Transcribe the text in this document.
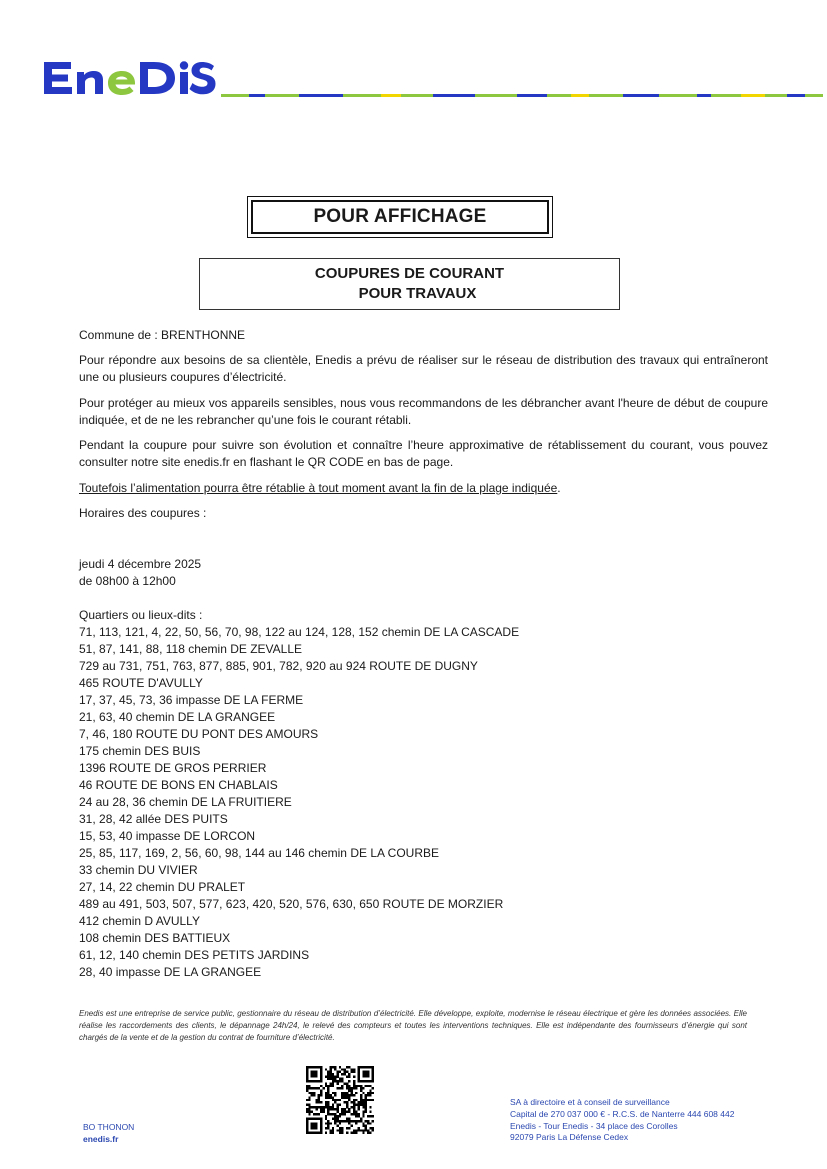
POUR AFFICHAGE
COUPURES DE COURANT
POUR TRAVAUX
Commune de : BRENTHONNE
Pour répondre aux besoins de sa clientèle, Enedis a prévu de réaliser sur le réseau de distribution des travaux qui entraîneront une ou plusieurs coupures d’électricité.
Pour protéger au mieux vos appareils sensibles, nous vous recommandons de les débrancher avant l'heure de début de coupure indiquée, et de ne les rebrancher qu’une fois le courant rétabli.
Pendant la coupure pour suivre son évolution et connaître l’heure approximative de rétablissement du courant, vous pouvez consulter notre site enedis.fr en flashant le QR CODE en bas de page.
Toutefois l’alimentation pourra être rétablie à tout moment avant la fin de la plage indiquée.
Horaires des coupures :
jeudi 4 décembre 2025
de 08h00 à 12h00
Quartiers ou lieux-dits :
71, 113, 121, 4, 22, 50, 56, 70, 98, 122 au 124, 128, 152 chemin DE LA CASCADE
51, 87, 141, 88, 118 chemin DE ZEVALLE
729 au 731, 751, 763, 877, 885, 901, 782, 920 au 924 ROUTE DE DUGNY
465 ROUTE D'AVULLY
17, 37, 45, 73, 36 impasse DE LA FERME
21, 63, 40 chemin DE LA GRANGEE
7, 46, 180 ROUTE DU PONT DES AMOURS
175 chemin DES BUIS
1396 ROUTE DE GROS PERRIER
46 ROUTE DE BONS EN CHABLAIS
24 au 28, 36 chemin DE LA FRUITIERE
31, 28, 42 allée DES PUITS
15, 53, 40 impasse DE LORCON
25, 85, 117, 169, 2, 56, 60, 98, 144 au 146 chemin DE LA COURBE
33 chemin DU VIVIER
27, 14, 22 chemin DU PRALET
489 au 491, 503, 507, 577, 623, 420, 520, 576, 630, 650 ROUTE DE MORZIER
412 chemin D AVULLY
108 chemin DES BATTIEUX
61, 12, 140 chemin DES PETITS JARDINS
28, 40 impasse DE LA GRANGEE
Enedis est une entreprise de service public, gestionnaire du réseau de distribution d’électricité. Elle développe, exploite, modernise le réseau électrique et gère les données associées. Elle réalise les raccordements des clients, le dépannage 24h/24, le relevé des compteurs et toutes les interventions techniques. Elle est indépendante des fournisseurs d’énergie qui sont chargés de la vente et de la gestion du contrat de fourniture d’électricité.
BO THONON
enedis.fr
SA à directoire et à conseil de surveillance
Capital de 270 037 000 € - R.C.S. de Nanterre 444 608 442
Enedis - Tour Enedis - 34 place des Corolles
92079 Paris La Défense Cedex
